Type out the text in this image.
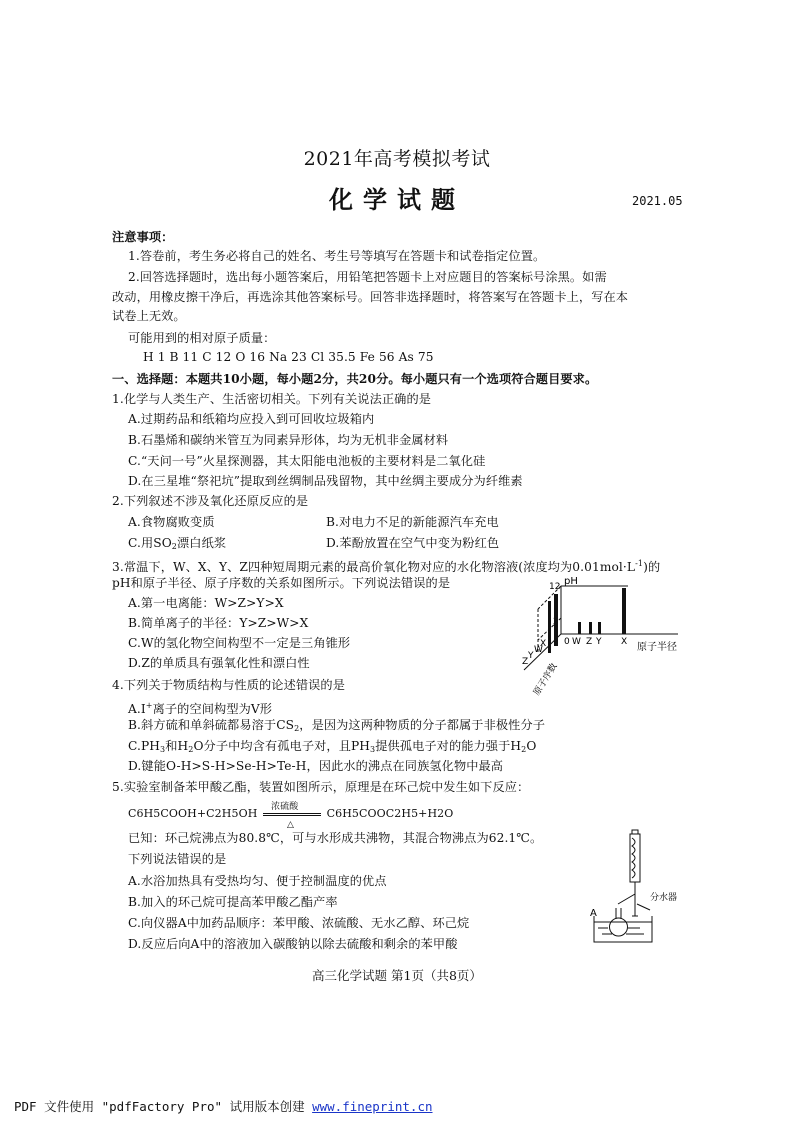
2021年高考模拟考试
化学试题	2021.05
注意事项：
1.答卷前，考生务必将自己的姓名、考生号等填写在答题卡和试卷指定位置。
2.回答选择题时，选出每小题答案后，用铅笔把答题卡上对应题目的答案标号涂黑。如需
改动，用橡皮擦干净后，再选涂其他答案标号。回答非选择题时，将答案写在答题卡上，写在本
试卷上无效。
可能用到的相对原子质量：
H 1 B 11 C 12 O 16 Na 23 Cl 35.5 Fe 56 As 75
一、选择题：本题共10小题，每小题2分，共20分。每小题只有一个选项符合题目要求。
1.化学与人类生产、生活密切相关。下列有关说法正确的是
A.过期药品和纸箱均应投入到可回收垃圾箱内
B.石墨烯和碳纳米管互为同素异形体，均为无机非金属材料
C.“天问一号”火星探测器，其太阳能电池板的主要材料是二氧化硅
D.在三星堆“祭祀坑”提取到丝绸制品残留物，其中丝绸主要成分为纤维素
2.下列叙述不涉及氧化还原反应的是
A.食物腐败变质	B.对电力不足的新能源汽车充电
C.用$SO_2$漂白纸浆	D.苯酚放置在空气中变为粉红色
3.常温下，W、X、Y、Z四种短周期元素的最高价氧化物对应的水化物溶液(浓度均为$0.01mol\cdot L^{-1}$)的
pH和原子半径、原子序数的关系如图所示。下列说法错误的是
A.第一电离能：W>Z>Y>X
B.简单离子的半径：Y>Z>W>X
C.W的氢化物空间构型不一定是三角锥形
D.Z的单质具有强氧化性和漂白性
pH
12
0 W Z Y X 原子半径
Z
Y
W
X
原子序数
4.下列关于物质结构与性质的论述错误的是
A.I+离子的空间构型为V形
B.斜方硫和单斜硫都易溶于$CS_2$，是因为这两种物质的分子都属于非极性分子
$C.PH_3$和$H_2O$分子中均含有孤电子对，且$PH_3$提供孤电子对的能力强于$H_2O$
D.键能O-H>S-H>Se-H>Te-H，因此水的沸点在同族氢化物中最高
5.实验室制备苯甲酸乙酯，装置如图所示，原理是在环己烷中发生如下反应：
C6H5COOH+C2H5OH 浓硫酸
△
C6H5COOC2H5+H2O
已知：环己烷沸点为80.8℃，可与水形成共沸物，其混合物沸点为62.1℃。
下列说法错误的是
A.水浴加热具有受热均匀、便于控制温度的优点
B.加入的环己烷可提高苯甲酸乙酯产率
C.向仪器A中加药品顺序：苯甲酸、浓硫酸、无水乙醇、环己烷
D.反应后向A中的溶液加入碳酸钠以除去硫酸和剩余的苯甲酸
A
分水器
高三化学试题 第1页（共8页）
PDF 文件使用 "pdfFactory Pro" 试用版本创建 www.fineprint.cn
